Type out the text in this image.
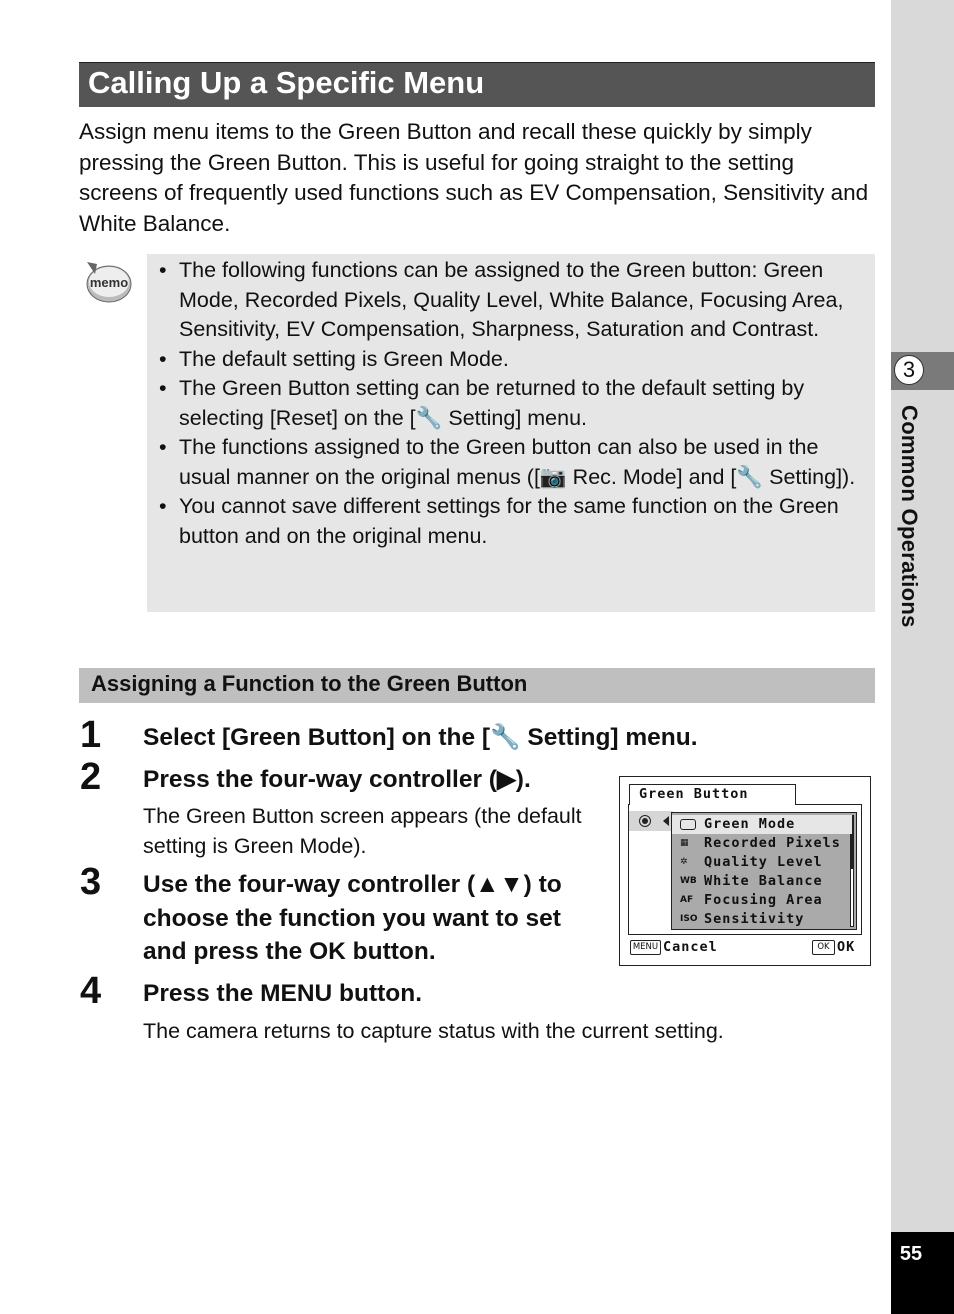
3
Common Operations
55
Calling Up a Specific Menu

Assign menu items to the Green Button and recall these quickly by simply pressing the Green Button. This is useful for going straight to the setting screens of frequently used functions such as EV Compensation, Sensitivity and White Balance.

memo
• The following functions can be assigned to the Green button: Green Mode, Recorded Pixels, Quality Level, White Balance, Focusing Area, Sensitivity, EV Compensation, Sharpness, Saturation and Contrast.
• The default setting is Green Mode.
• The Green Button setting can be returned to the default setting by selecting [Reset] on the [🔧 Setting] menu.
• The functions assigned to the Green button can also be used in the usual manner on the original menus ([📷 Rec. Mode] and [🔧 Setting]).
• You cannot save different settings for the same function on the Green button and on the original menu.
Assigning a Function to the Green Button
1 Select [Green Button] on the [🔧 Setting] menu.

2 Press the four-way controller (▶).

The Green Button screen appears (the default setting is Green Mode).

3 Use the four-way controller (▲▼) to choose the function you want to set and press the OK button.

4 Press the MENU button.

The camera returns to capture status with the current setting.

Green Button
Green Mode
▦	Recorded Pixels
✲	Quality Level
WB White Balance
AF Focusing Area
ISO Sensitivity
MENU Cancel	OK OK
